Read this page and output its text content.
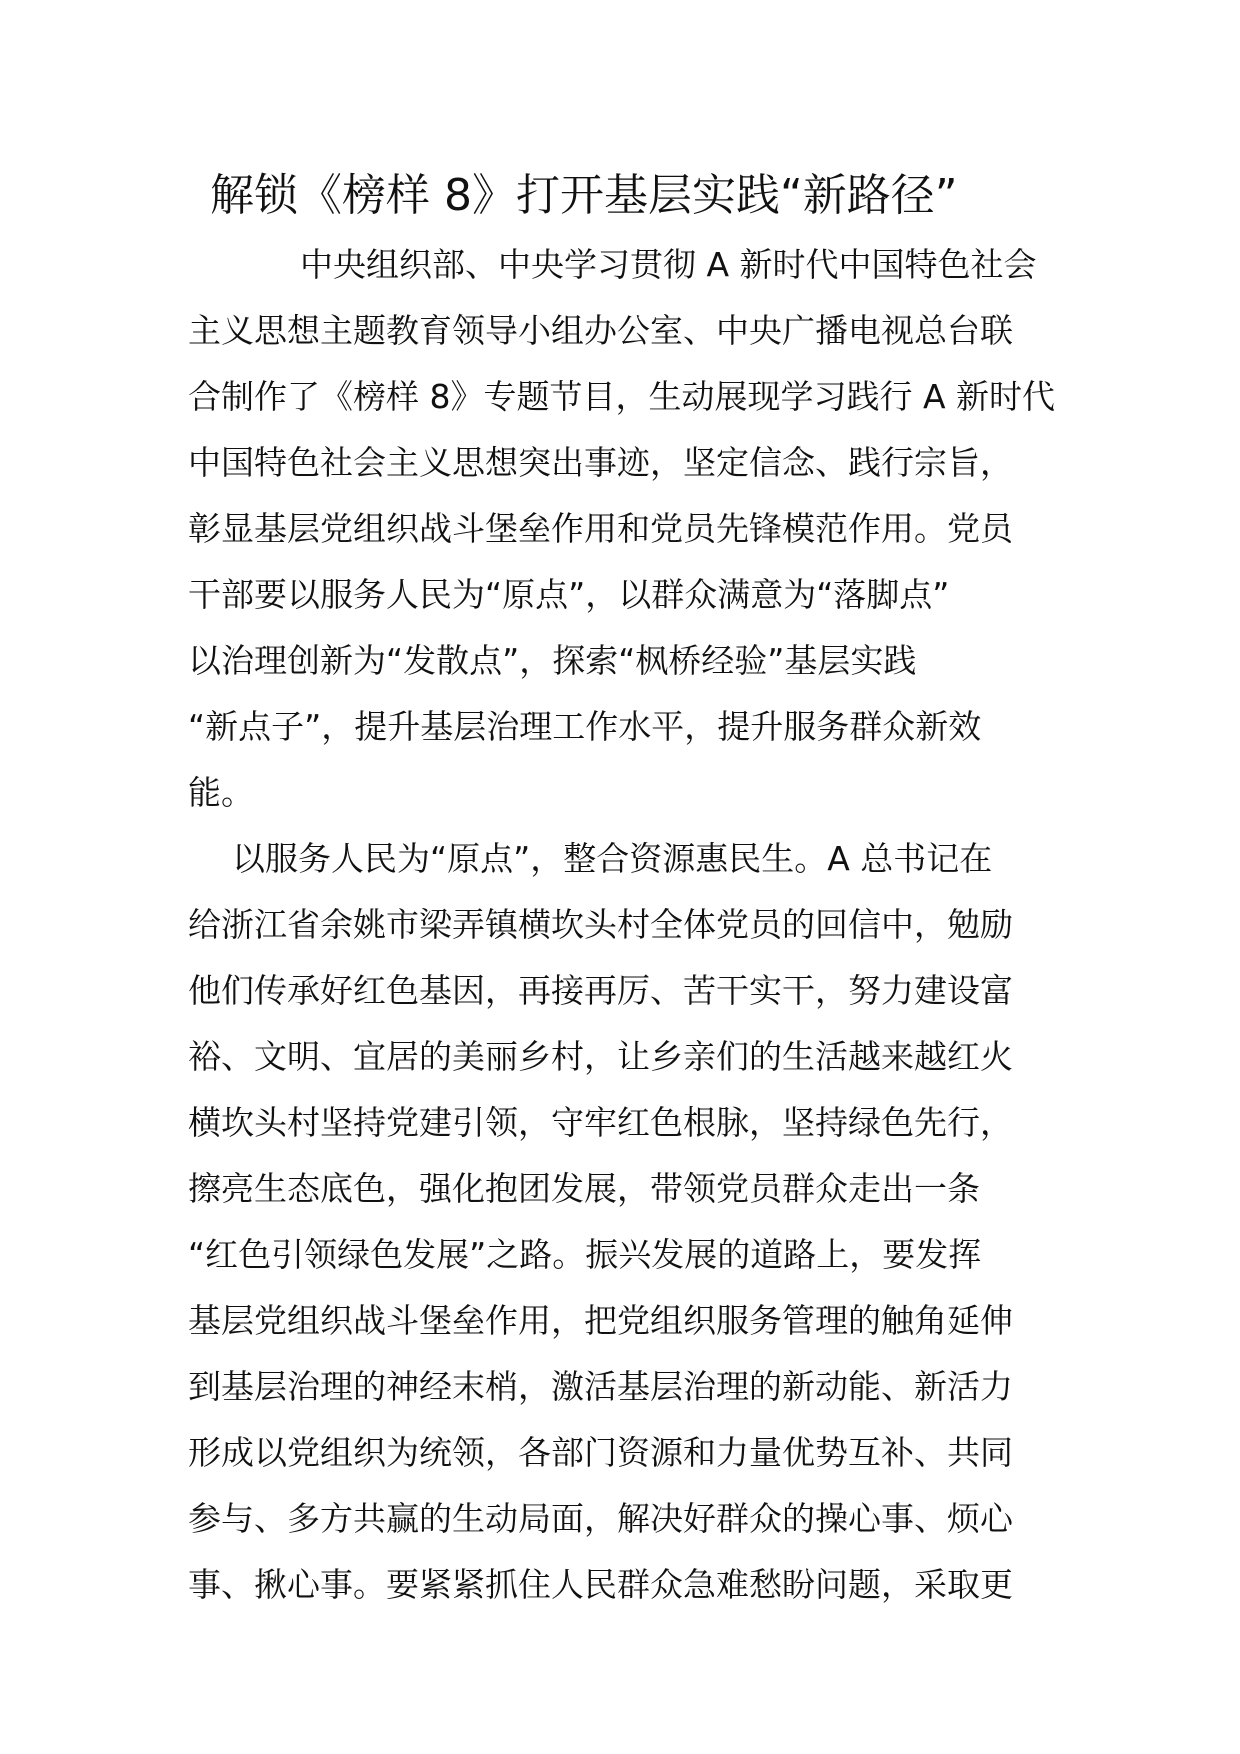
解锁《榜样 8》打开基层实践“新路径”

中央组织部、中央学习贯彻 A 新时代中国特色社会

主义思想主题教育领导小组办公室、中央广播电视总台联

合制作了《榜样 8》专题节目，生动展现学习践行 A 新时代

中国特色社会主义思想突出事迹，坚定信念、践行宗旨，

彰显基层党组织战斗堡垒作用和党员先锋模范作用。党员

干部要以服务人民为“原点”，以群众满意为“落脚点”

以治理创新为“发散点”，探索“枫桥经验”基层实践

“新点子”，提升基层治理工作水平，提升服务群众新效

能。

以服务人民为“原点”，整合资源惠民生。A 总书记在

给浙江省余姚市梁弄镇横坎头村全体党员的回信中，勉励

他们传承好红色基因，再接再厉、苦干实干，努力建设富

裕、文明、宜居的美丽乡村，让乡亲们的生活越来越红火

横坎头村坚持党建引领，守牢红色根脉，坚持绿色先行，

擦亮生态底色，强化抱团发展，带领党员群众走出一条

“红色引领绿色发展”之路。振兴发展的道路上，要发挥

基层党组织战斗堡垒作用，把党组织服务管理的触角延伸

到基层治理的神经末梢，激活基层治理的新动能、新活力

形成以党组织为统领，各部门资源和力量优势互补、共同

参与、多方共赢的生动局面，解决好群众的操心事、烦心

事、揪心事。要紧紧抓住人民群众急难愁盼问题，采取更
